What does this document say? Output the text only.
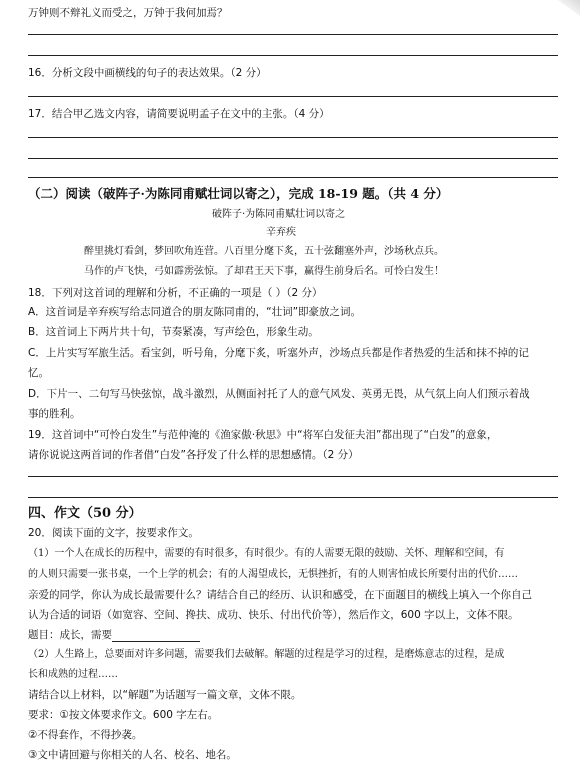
万钟则不辩礼义而受之，万钟于我何加焉？
16．分析文段中画横线的句子的表达效果。（2 分）
17．结合甲乙选文内容，请简要说明孟子在文中的主张。（4 分）
（二）阅读（破阵子·为陈同甫赋壮词以寄之），完成 18-19 题。（共 4 分）
破阵子·为陈同甫赋壮词以寄之
辛弃疾
醉里挑灯看剑，梦回吹角连营。八百里分麾下炙，五十弦翻塞外声，沙场秋点兵。
马作的卢飞快，弓如霹雳弦惊。了却君王天下事，赢得生前身后名。可怜白发生！
18．下列对这首词的理解和分析，不正确的一项是（ ）（2 分）
A．这首词是辛弃疾写给志同道合的朋友陈同甫的，“壮词”即豪放之词。
B．这首词上下两片共十句，节奏紧凑，写声绘色，形象生动。
C．上片实写军旅生活。看宝剑，听号角，分麾下炙，听塞外声，沙场点兵都是作者热爱的生活和抹不掉的记
忆。
D．下片一、二句写马快弦惊，战斗激烈，从侧面衬托了人的意气风发、英勇无畏，从气氛上向人们预示着战
事的胜利。
19．这首词中“可怜白发生”与范仲淹的《渔家傲·秋思》中“将军白发征夫泪”都出现了“白发”的意象，
请你说说这两首词的作者借“白发”各抒发了什么样的思想感情。（2 分）
四、作文（50 分）
20．阅读下面的文字，按要求作文。
（1）一个人在成长的历程中，需要的有时很多，有时很少。有的人需要无限的鼓励、关怀、理解和空间，有
的人则只需要一张书桌，一个上学的机会；有的人渴望成长，无惧挫折，有的人则害怕成长所要付出的代价……
亲爱的同学，你认为成长最需要什么？请结合自己的经历、认识和感受，在下面题目的横线上填入一个你自己
认为合适的词语（如宽容、空间、搀扶、成功、快乐、付出代价等），然后作文，600 字以上，文体不限。
题目：成长，需要
（2）人生路上，总要面对许多问题，需要我们去破解。解题的过程是学习的过程，是磨炼意志的过程，是成
长和成熟的过程……
请结合以上材料，以“解题”为话题写一篇文章，文体不限。
要求：①按文体要求作文。600 字左右。
②不得套作，不得抄袭。
③文中请回避与你相关的人名、校名、地名。
